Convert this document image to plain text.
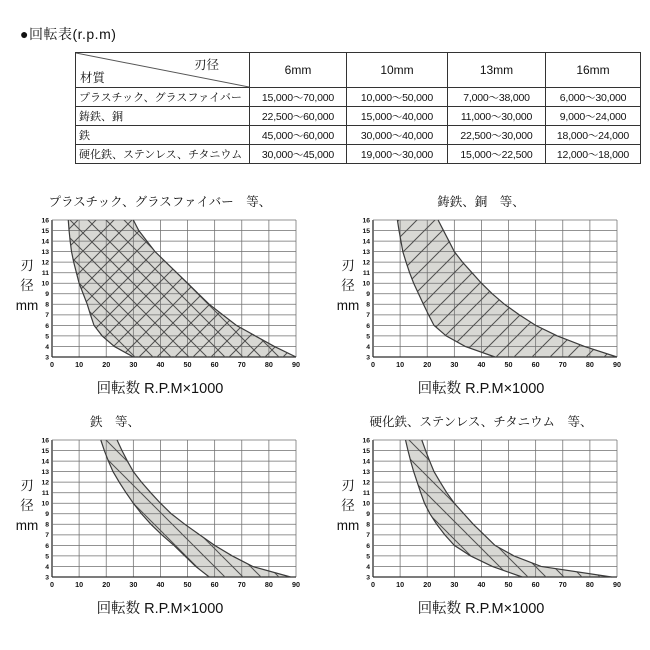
●回転表(r.p.m)
刃径
材質	6mm	10mm	13mm	16mm
プラスチック、グラスファイバー	15,000〜70,000	10,000〜50,000	7,000〜38,000	6,000〜30,000
鋳鉄、銅	22,500〜60,000	15,000〜40,000	11,000〜30,000	9,000〜24,000
鉄	45,000〜60,000	30,000〜40,000	22,500〜30,000	18,000〜24,000
硬化鉄、ステンレス、チタニウム	30,000〜45,000	19,000〜30,000	15,000〜22,500	12,000〜18,000
プラスチック、グラスファイバー　等、
刃
径
mm
3
4
5
6
7
8
9
10
11
12
13
14
15
16
0	10	20	30	40	50	60	70	80	90
回転数 R.P.M×1000
鋳鉄、銅　等、
刃
径
mm
3
4
5
6
7
8
9
10
11
12
13
14
15
16
0	10	20	30	40	50	60	70	80	90
回転数 R.P.M×1000
鉄　等、
刃
径
mm
3
4
5
6
7
8
9
10
11
12
13
14
15
16
0	10	20	30	40	50	60	70	80	90
回転数 R.P.M×1000
硬化鉄、ステンレス、チタニウム　等、
刃
径
mm
3
4
5
6
7
8
9
10
11
12
13
14
15
16
0	10	20	30	40	50	60	70	80	90
回転数 R.P.M×1000
